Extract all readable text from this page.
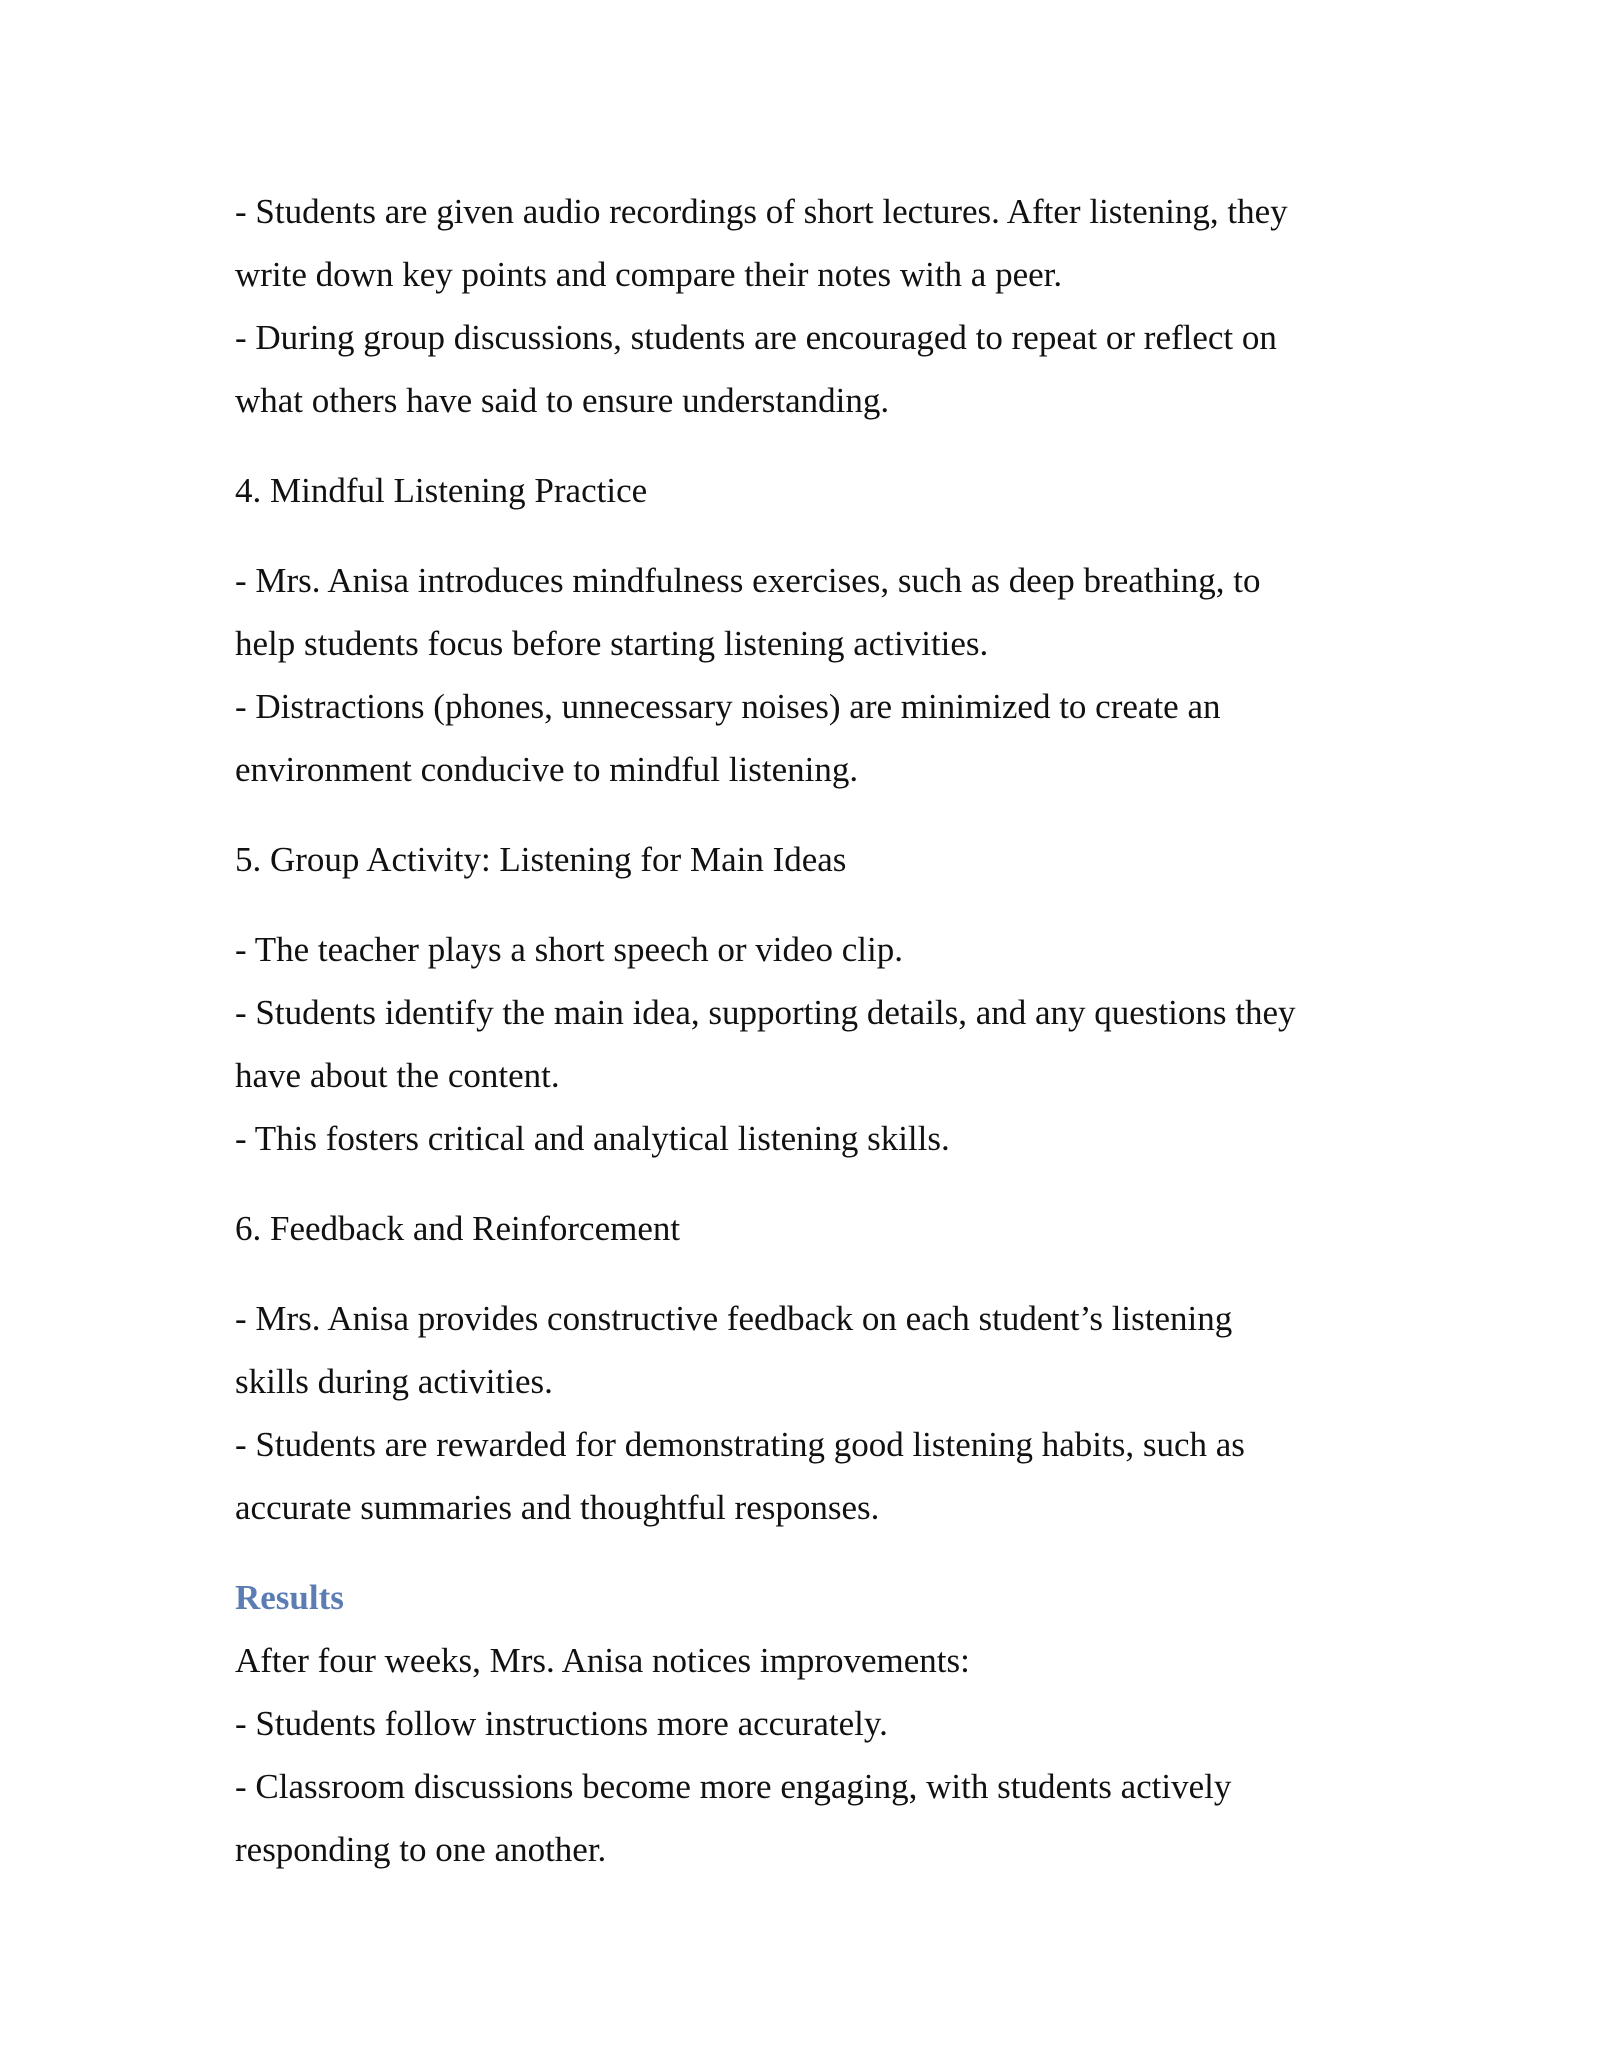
- Students are given audio recordings of short lectures. After listening, they
write down key points and compare their notes with a peer.
- During group discussions, students are encouraged to repeat or reflect on
what others have said to ensure understanding.
4. Mindful Listening Practice
- Mrs. Anisa introduces mindfulness exercises, such as deep breathing, to
help students focus before starting listening activities.
- Distractions (phones, unnecessary noises) are minimized to create an
environment conducive to mindful listening.
5. Group Activity: Listening for Main Ideas
- The teacher plays a short speech or video clip.
- Students identify the main idea, supporting details, and any questions they
have about the content.
- This fosters critical and analytical listening skills.
6. Feedback and Reinforcement
- Mrs. Anisa provides constructive feedback on each student’s listening
skills during activities.
- Students are rewarded for demonstrating good listening habits, such as
accurate summaries and thoughtful responses.
Results
After four weeks, Mrs. Anisa notices improvements:
- Students follow instructions more accurately.
- Classroom discussions become more engaging, with students actively
responding to one another.
